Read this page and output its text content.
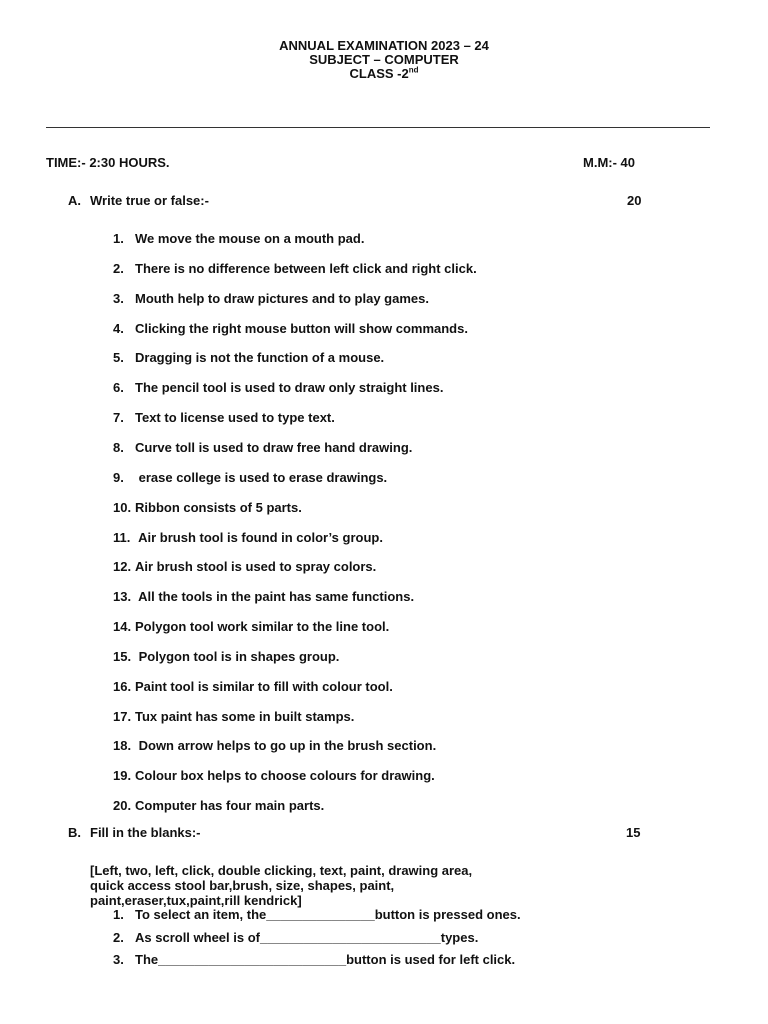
ANNUAL EXAMINATION 2023 – 24
SUBJECT – COMPUTER
CLASS -2nd
TIME:- 2:30 HOURS.	M.M:- 40
A. Write true or false:-	20
1. We move the mouse on a mouth pad.
2. There is no difference between left click and right click.
3. Mouth help to draw pictures and to play games.
4. Clicking the right mouse button will show commands.
5. Dragging is not the function of a mouse.
6. The pencil tool is used to draw only straight lines.
7. Text to license used to type text.
8. Curve toll is used to draw free hand drawing.
9. erase college is used to erase drawings.
10. Ribbon consists of 5 parts.
11. Air brush tool is found in color’s group.
12. Air brush stool is used to spray colors.
13. All the tools in the paint has same functions.
14. Polygon tool work similar to the line tool.
15. Polygon tool is in shapes group.
16. Paint tool is similar to fill with colour tool.
17. Tux paint has some in built stamps.
18. Down arrow helps to go up in the brush section.
19. Colour box helps to choose colours for drawing.
20. Computer has four main parts.
B. Fill in the blanks:-	15
[Left, two, left, click, double clicking, text, paint, drawing area,
quick access stool bar,brush, size, shapes, paint,
paint,eraser,tux,paint,rill kendrick]
1. To select an item, the_______________button is pressed ones.
2. As scroll wheel is of_________________________types.
3. The__________________________button is used for left click.
